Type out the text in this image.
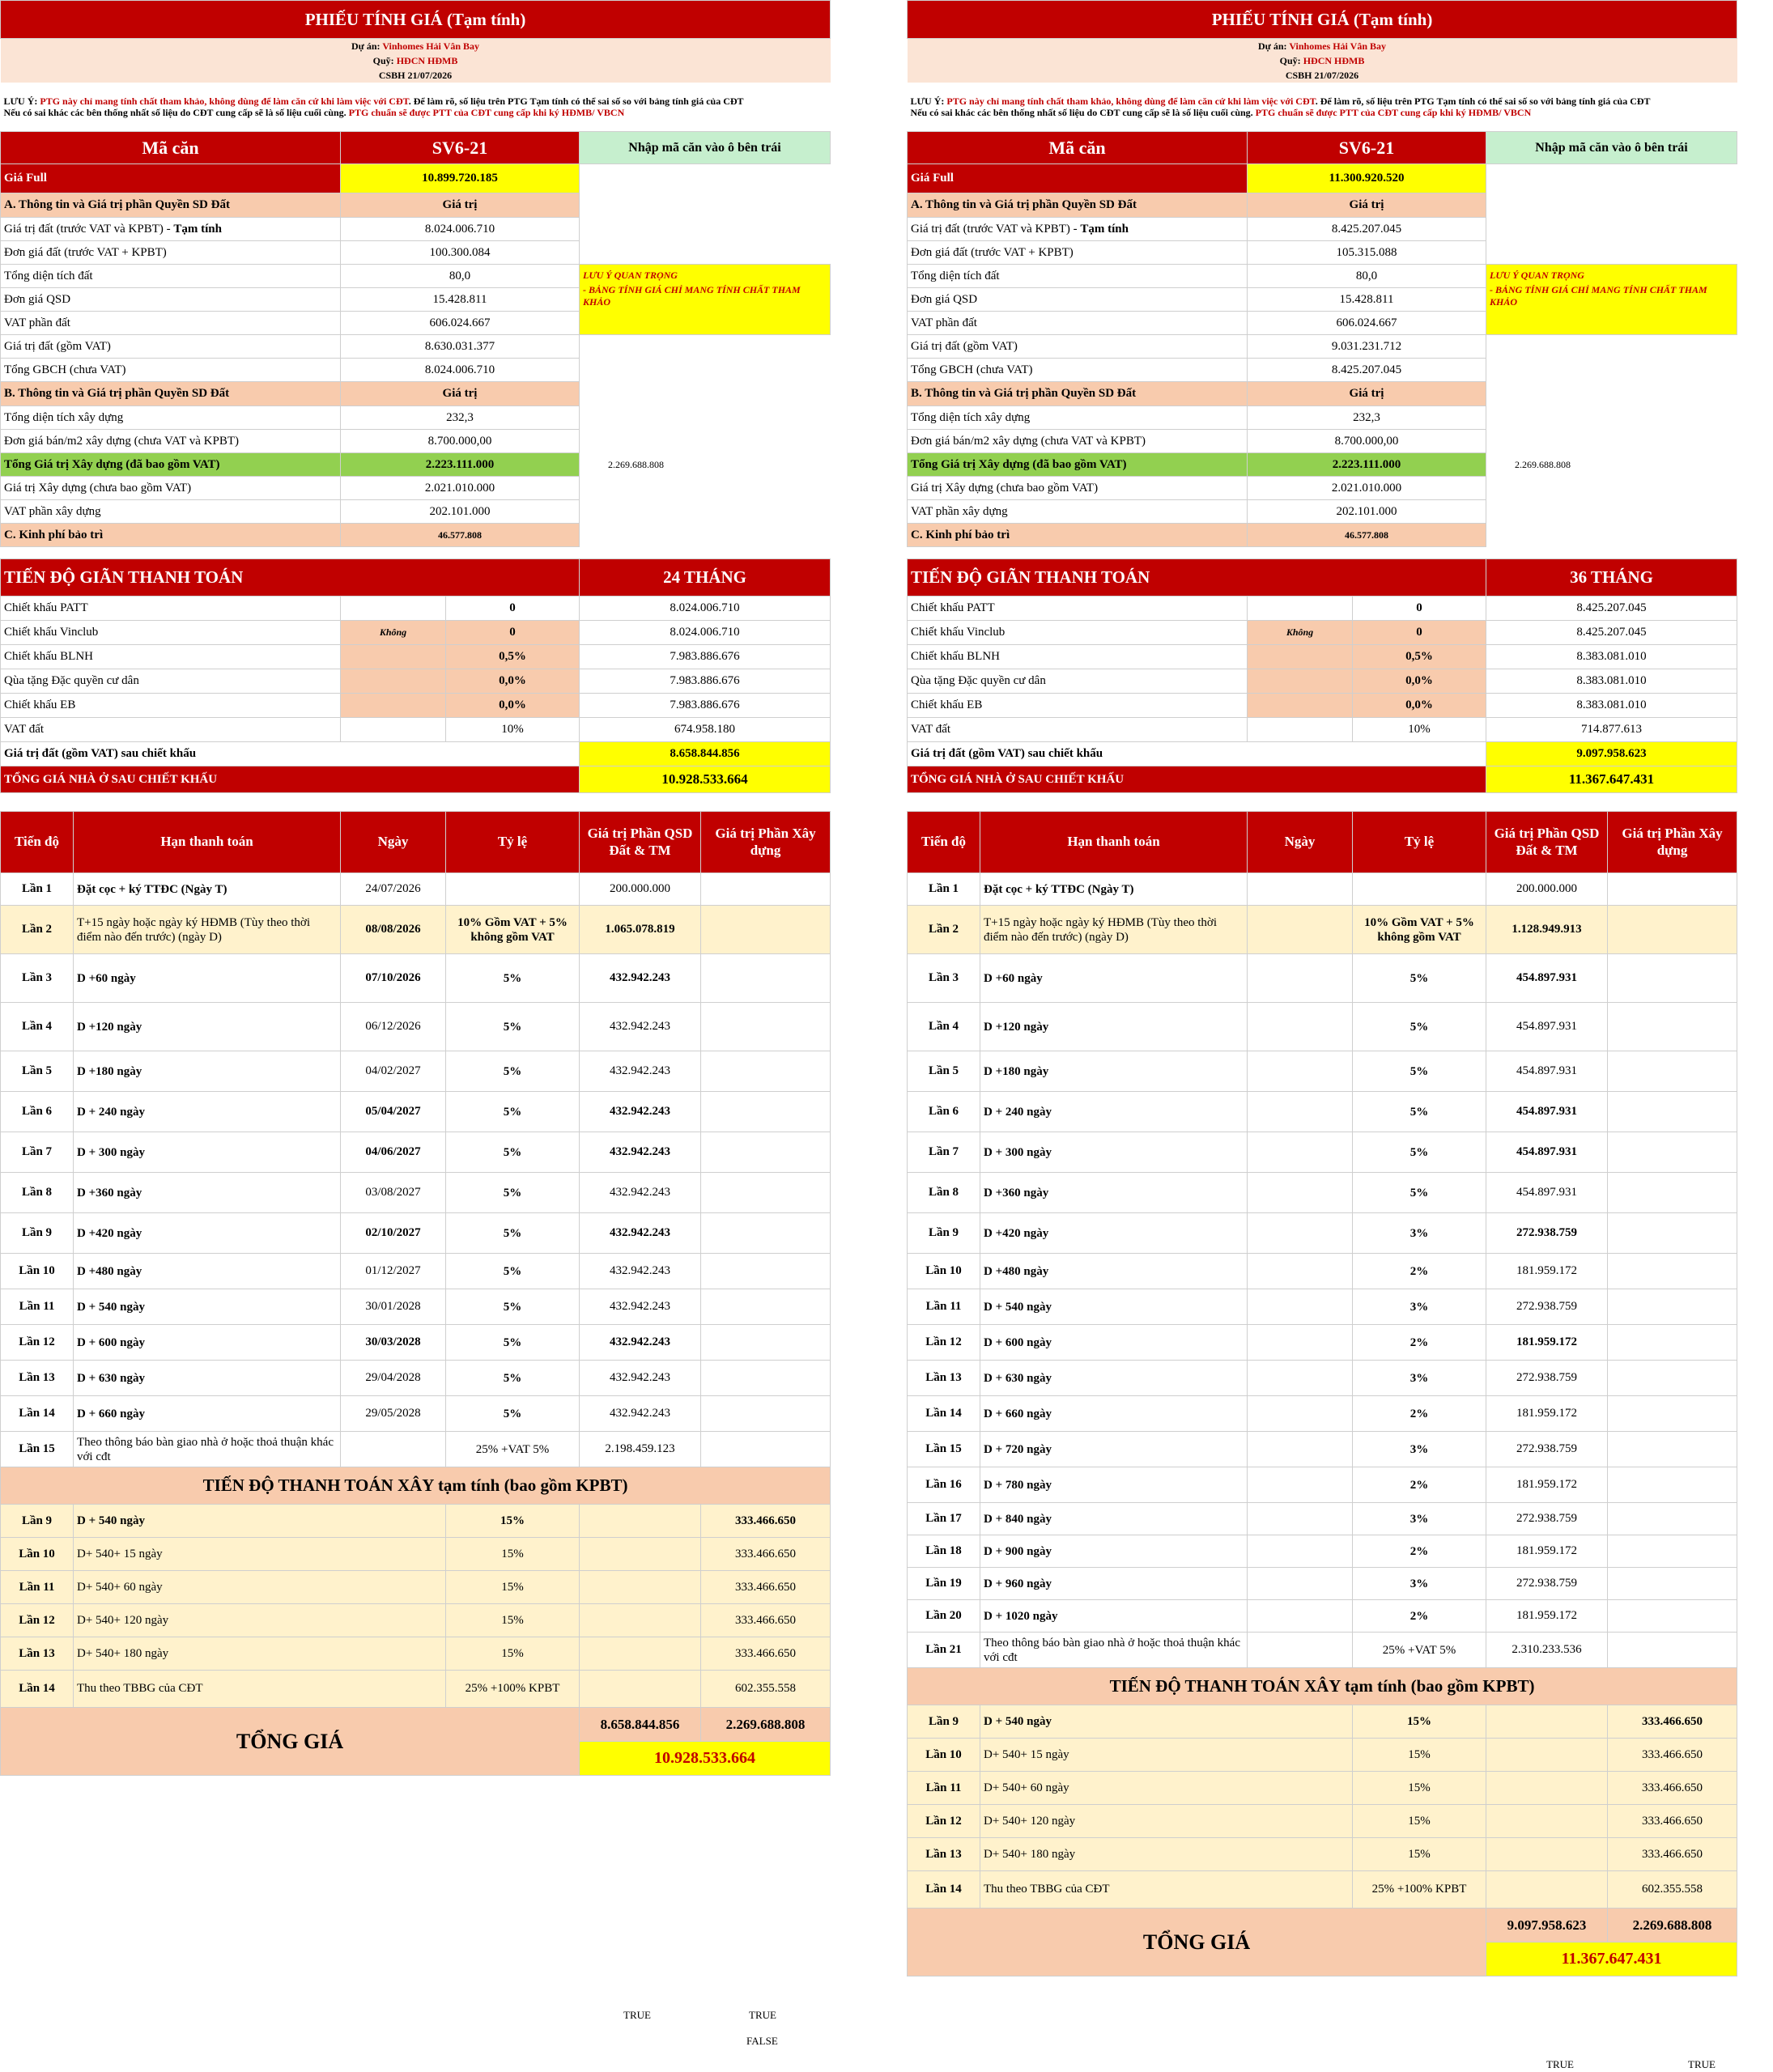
PHIẾU TÍNH GIÁ (Tạm tính)					
Dự án: Vinhomes Hải Vân Bay					
Quỹ: HĐCN HĐMB					
CSBH 21/07/2026					
LƯU Ý: PTG này chỉ mang tính chất tham khảo, không dùng để làm căn cứ khi làm việc với CĐT. Để làm rõ, số liệu trên PTG Tạm tính có thể sai số so với bảng tính giá của CĐT
Nếu có sai khác các bên thống nhất số liệu do CĐT cung cấp sẽ là số liệu cuối cùng. PTG chuẩn sẽ được PTT của CĐT cung cấp khi ký HĐMB/ VBCN					
Mã căn		SV6-21		Nhập mã căn vào ô bên trái	
Giá Full		10.899.720.185			
A. Thông tin và Giá trị phần Quyền SD Đất		Giá trị			
Giá trị đất (trước VAT và KPBT) - Tạm tính		8.024.006.710			
Đơn giá đất (trước VAT + KPBT)		100.300.084			
Tổng diện tích đất		80,0		LƯU Ý QUAN TRỌNG
- BẢNG TÍNH GIÁ CHỈ MANG TÍNH CHẤT THAM KHẢO	

Đơn giá QSD		15.428.811			
VAT phần đất		606.024.667			
Giá trị đất (gồm VAT)		8.630.031.377			
Tổng GBCH (chưa VAT)		8.024.006.710			
B. Thông tin và Giá trị phần Quyền SD Đất		Giá trị			
Tổng diện tích xây dựng		232,3			
Đơn giá bán/m2 xây dựng (chưa VAT và KPBT)		8.700.000,00			
Tổng Giá trị Xây dựng (đã bao gồm VAT)		2.223.111.000		2.269.688.808	
Giá trị Xây dựng (chưa bao gồm VAT)		2.021.010.000			
VAT phần xây dựng		202.101.000			
C. Kinh phí bảo trì		46.577.808			

TIẾN ĐỘ GIÃN THANH TOÁN				24 THÁNG	
Chiết khấu PATT			0	8.024.006.710	
Chiết khấu Vinclub		Không	0	8.024.006.710	
Chiết khấu BLNH			0,5%	7.983.886.676	
Qùa tặng Đặc quyền cư dân			0,0%	7.983.886.676	
Chiết khấu EB			0,0%	7.983.886.676	
VAT đất			10%	674.958.180	
Giá trị đất (gồm VAT) sau chiết khấu				8.658.844.856	
TỔNG GIÁ NHÀ Ở SAU CHIẾT KHẤU				10.928.533.664	

Tiến độ	Hạn thanh toán	Ngày	Tỷ lệ	Giá trị Phần QSD Đất & TM	Giá trị Phần Xây dựng
Lần 1	Đặt cọc + ký TTĐC (Ngày T)	24/07/2026		200.000.000	
Lần 2	T+15 ngày hoặc ngày ký HĐMB (Tùy theo thời điểm nào đến trước) (ngày D)	08/08/2026	10% Gồm VAT + 5% không gồm VAT	1.065.078.819	
Lần 3	D +60 ngày	07/10/2026	5%	432.942.243	
Lần 4	D +120 ngày	06/12/2026	5%	432.942.243	
Lần 5	D +180 ngày	04/02/2027	5%	432.942.243	
Lần 6	D + 240 ngày	05/04/2027	5%	432.942.243	
Lần 7	D + 300 ngày	04/06/2027	5%	432.942.243	
Lần 8	D +360 ngày	03/08/2027	5%	432.942.243	
Lần 9	D +420 ngày	02/10/2027	5%	432.942.243	
Lần 10	D +480 ngày	01/12/2027	5%	432.942.243	
Lần 11	D + 540 ngày	30/01/2028	5%	432.942.243	
Lần 12	D + 600 ngày	30/03/2028	5%	432.942.243	
Lần 13	D + 630 ngày	29/04/2028	5%	432.942.243	
Lần 14	D + 660 ngày	29/05/2028	5%	432.942.243	
Lần 15	Theo thông báo bàn giao nhà ở hoặc thoả thuận khác với cđt		25% +VAT 5%	2.198.459.123	
TIẾN ĐỘ THANH TOÁN XÂY tạm tính (bao gồm KPBT)					
Lần 9	D + 540 ngày		15%		333.466.650
Lần 10	D+ 540+ 15 ngày		15%		333.466.650
Lần 11	D+ 540+ 60 ngày		15%		333.466.650
Lần 12	D+ 540+ 120 ngày		15%		333.466.650
Lần 13	D+ 540+ 180 ngày		15%		333.466.650
Lần 14	Thu theo TBBG của CĐT		25% +100% KPBT		602.355.558
TỔNG GIÁ				8.658.844.856	2.269.688.808
				10.928.533.664	
PHIẾU TÍNH GIÁ (Tạm tính)					
Dự án: Vinhomes Hải Vân Bay					
Quỹ: HĐCN HĐMB					
CSBH 21/07/2026					
LƯU Ý: PTG này chỉ mang tính chất tham khảo, không dùng để làm căn cứ khi làm việc với CĐT. Để làm rõ, số liệu trên PTG Tạm tính có thể sai số so với bảng tính giá của CĐT
Nếu có sai khác các bên thống nhất số liệu do CĐT cung cấp sẽ là số liệu cuối cùng. PTG chuẩn sẽ được PTT của CĐT cung cấp khi ký HĐMB/ VBCN					
Mã căn		SV6-21		Nhập mã căn vào ô bên trái	
Giá Full		11.300.920.520			
A. Thông tin và Giá trị phần Quyền SD Đất		Giá trị			
Giá trị đất (trước VAT và KPBT) - Tạm tính		8.425.207.045			
Đơn giá đất (trước VAT + KPBT)		105.315.088			
Tổng diện tích đất		80,0		LƯU Ý QUAN TRỌNG
- BẢNG TÍNH GIÁ CHỈ MANG TÍNH CHẤT THAM KHẢO	

Đơn giá QSD		15.428.811			
VAT phần đất		606.024.667			
Giá trị đất (gồm VAT)		9.031.231.712			
Tổng GBCH (chưa VAT)		8.425.207.045			
B. Thông tin và Giá trị phần Quyền SD Đất		Giá trị			
Tổng diện tích xây dựng		232,3			
Đơn giá bán/m2 xây dựng (chưa VAT và KPBT)		8.700.000,00			
Tổng Giá trị Xây dựng (đã bao gồm VAT)		2.223.111.000		2.269.688.808	
Giá trị Xây dựng (chưa bao gồm VAT)		2.021.010.000			
VAT phần xây dựng		202.101.000			
C. Kinh phí bảo trì		46.577.808			

TIẾN ĐỘ GIÃN THANH TOÁN				36 THÁNG	
Chiết khấu PATT			0	8.425.207.045	
Chiết khấu Vinclub		Không	0	8.425.207.045	
Chiết khấu BLNH			0,5%	8.383.081.010	
Qùa tặng Đặc quyền cư dân			0,0%	8.383.081.010	
Chiết khấu EB			0,0%	8.383.081.010	
VAT đất			10%	714.877.613	
Giá trị đất (gồm VAT) sau chiết khấu				9.097.958.623	
TỔNG GIÁ NHÀ Ở SAU CHIẾT KHẤU				11.367.647.431	

Tiến độ	Hạn thanh toán	Ngày	Tỷ lệ	Giá trị Phần QSD Đất & TM	Giá trị Phần Xây dựng
Lần 1	Đặt cọc + ký TTĐC (Ngày T)			200.000.000	
Lần 2	T+15 ngày hoặc ngày ký HĐMB (Tùy theo thời điểm nào đến trước) (ngày D)		10% Gồm VAT + 5% không gồm VAT	1.128.949.913	
Lần 3	D +60 ngày		5%	454.897.931	
Lần 4	D +120 ngày		5%	454.897.931	
Lần 5	D +180 ngày		5%	454.897.931	
Lần 6	D + 240 ngày		5%	454.897.931	
Lần 7	D + 300 ngày		5%	454.897.931	
Lần 8	D +360 ngày		5%	454.897.931	
Lần 9	D +420 ngày		3%	272.938.759	
Lần 10	D +480 ngày		2%	181.959.172	
Lần 11	D + 540 ngày		3%	272.938.759	
Lần 12	D + 600 ngày		2%	181.959.172	
Lần 13	D + 630 ngày		3%	272.938.759	
Lần 14	D + 660 ngày		2%	181.959.172	
Lần 15	D + 720 ngày		3%	272.938.759	
Lần 16	D + 780 ngày		2%	181.959.172	
Lần 17	D + 840 ngày		3%	272.938.759	
Lần 18	D + 900 ngày		2%	181.959.172	
Lần 19	D + 960 ngày		3%	272.938.759	
Lần 20	D + 1020 ngày		2%	181.959.172	
Lần 21	Theo thông báo bàn giao nhà ở hoặc thoả thuận khác với cđt		25% +VAT 5%	2.310.233.536	
TIẾN ĐỘ THANH TOÁN XÂY tạm tính (bao gồm KPBT)					
Lần 9	D + 540 ngày		15%		333.466.650
Lần 10	D+ 540+ 15 ngày		15%		333.466.650
Lần 11	D+ 540+ 60 ngày		15%		333.466.650
Lần 12	D+ 540+ 120 ngày		15%		333.466.650
Lần 13	D+ 540+ 180 ngày		15%		333.466.650
Lần 14	Thu theo TBBG của CĐT		25% +100% KPBT		602.355.558
TỔNG GIÁ				9.097.958.623	2.269.688.808
				11.367.647.431	
TRUE	TRUE
FALSE
TRUE	TRUE
